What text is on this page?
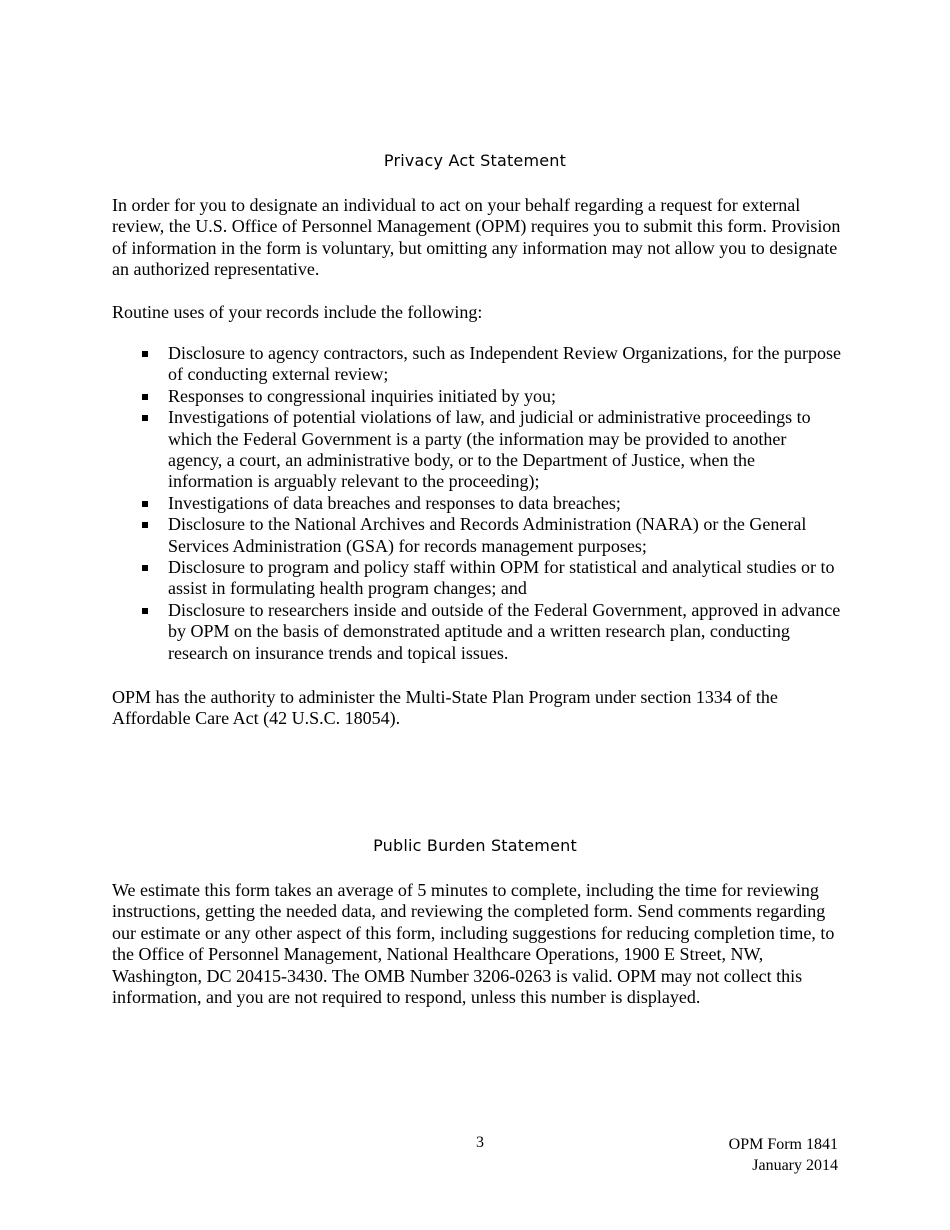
Privacy Act Statement

In order for you to designate an individual to act on your behalf regarding a request for external review, the U.S. Office of Personnel Management (OPM) requires you to submit this form. Provision of information in the form is voluntary, but omitting any information may not allow you to designate an authorized representative.

Routine uses of your records include the following:

Disclosure to agency contractors, such as Independent Review Organizations, for the purpose of conducting external review;
Responses to congressional inquiries initiated by you;
Investigations of potential violations of law, and judicial or administrative proceedings to which the Federal Government is a party (the information may be provided to another agency, a court, an administrative body, or to the Department of Justice, when the information is arguably relevant to the proceeding);
Investigations of data breaches and responses to data breaches;
Disclosure to the National Archives and Records Administration (NARA) or the General Services Administration (GSA) for records management purposes;
Disclosure to program and policy staff within OPM for statistical and analytical studies or to assist in formulating health program changes; and
Disclosure to researchers inside and outside of the Federal Government, approved in advance by OPM on the basis of demonstrated aptitude and a written research plan, conducting research on insurance trends and topical issues.

OPM has the authority to administer the Multi-State Plan Program under section 1334 of the Affordable Care Act (42 U.S.C. 18054).

Public Burden Statement

We estimate this form takes an average of 5 minutes to complete, including the time for reviewing instructions, getting the needed data, and reviewing the completed form. Send comments regarding our estimate or any other aspect of this form, including suggestions for reducing completion time, to the Office of Personnel Management, National Healthcare Operations, 1900 E Street, NW, Washington, DC 20415-3430. The OMB Number 3206-0263 is valid. OPM may not collect this information, and you are not required to respond, unless this number is displayed.

3	OPM Form 1841
January 2014
